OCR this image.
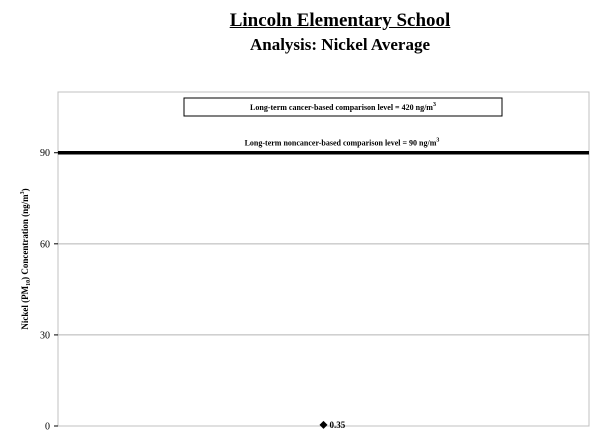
Lincoln Elementary School
Analysis: Nickel Average
0
30
60
90
Long-term noncancer-based comparison level = 90 $ng/m^3$
Long-term cancer-based comparison level = 420 $ng/m^3$
0.35
Nickel $(PM_{10})$ Concentration $(ng/m^3)$
